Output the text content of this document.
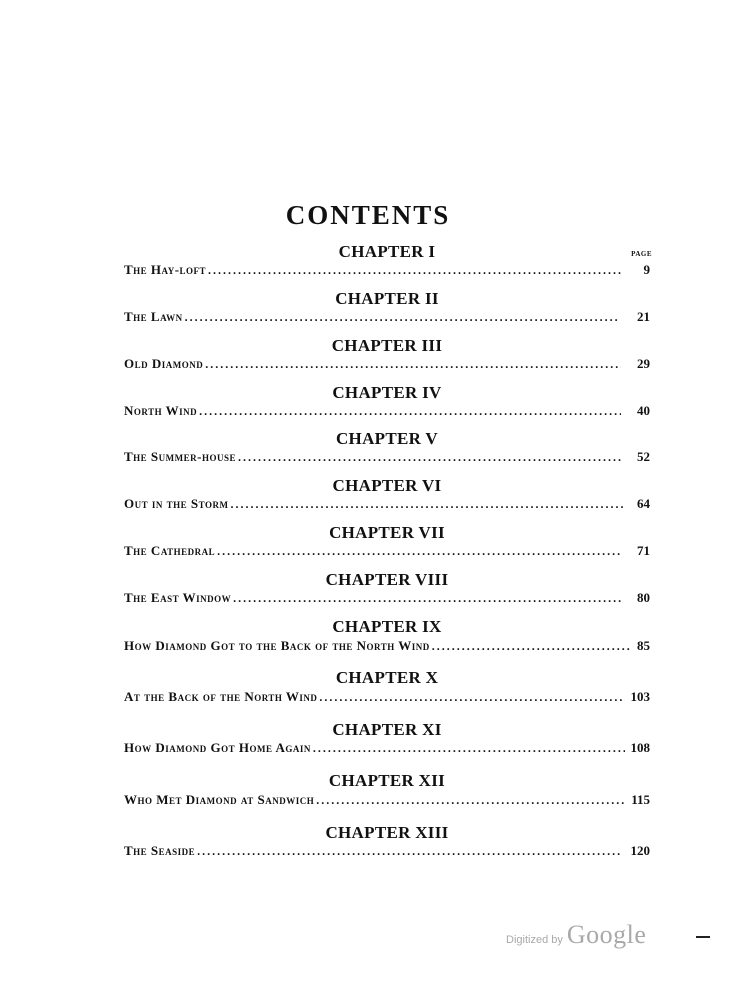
CONTENTS
PAGE
CHAPTER I
The Hay-loft . . .	9
CHAPTER II
The Lawn . . .	21
CHAPTER III
Old Diamond . . .	29
CHAPTER IV
North Wind . . .	40
CHAPTER V
The Summer-house . . .	52
CHAPTER VI
Out in the Storm . . .	64
CHAPTER VII
The Cathedral . . .	71
CHAPTER VIII
The East Window . . .	80
CHAPTER IX
How Diamond Got to the Back of the North Wind . . .	85
CHAPTER X
At the Back of the North Wind . . .	103
CHAPTER XI
How Diamond Got Home Again . . .	108
CHAPTER XII
Who Met Diamond at Sandwich . . .	115
CHAPTER XIII
The Seaside . . .	120
Digitized by Google
